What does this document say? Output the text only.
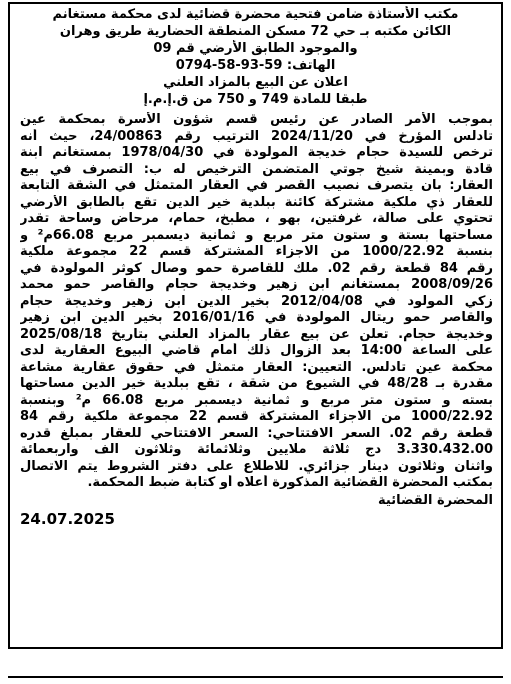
مكتب الأستاذة ضامن فتحية محضرة قضائية لدى محكمة مستغانم
الكائن مكتبه بـ حي 72 مسكن المنطقة الحضارية طريق وهران
والموجود الطابق الأرضي قم 09
الهاتف: 59-93-58-0794
اعلان عن البيع بالمزاد العلني
طبقا للمادة 749 و 750 من ق.إ.م.إ
بموجب الأمر الصادر عن رئيس قسم شؤون الأسرة بمحكمة عين
تادلس المؤرخ في 2024/11/20 الترتيب رقم 24/00863، حيث أنه
ترخص للسيدة حجام خديجة المولودة في 1978/04/30 بمستغانم ابنة
قادة وبمينة شيخ جوتي المتضمن الترخيص له ب: التصرف في بيع
العقار: بان يتصرف نصيب القصر في العقار المتمثل في الشقة التابعة
للعقار ذي ملكية مشتركة كائنة ببلدية خير الدين تقع بالطابق الأرضي
تحتوي على صالة، غرفتين، بهو ، مطبخ، حمام، مرحاض وساحة تقدر
مساحتها بستة و ستون متر مربع و ثمانية ديسمبر مربع 66.08م² و
بنسبة 1000/22.92 من الاجزاء المشتركة قسم 22 مجموعة ملكية
رقم 84 قطعة رقم 02. ملك للقاصرة حمو وصال كوثر المولودة في
2008/09/26 بمستغانم ابن زهير وخديجة حجام والقاصر حمو محمد
زكي المولود في 2012/04/08 بخير الدين ابن زهير وخديجة حجام
والقاصر حمو ريتال المولودة في 2016/01/16 بخير الدين ابن زهير
وخديجة حجام. تعلن عن بيع عقار بالمزاد العلني بتاريخ 2025/08/18
على الساعة 14:00 بعد الزوال ذلك أمام قاضي البيوع العقارية لدى
محكمة عين تادلس. التعيين: العقار متمثل في حقوق عقارية مشاعة
مقدرة بـ 48/28 في الشيوع من شقة ، تقع ببلدية خير الدين مساحتها
بسته و ستون متر مربع و ثمانية ديسمبر مربع 66.08 م² وبنسبة
1000/22.92 من الاجزاء المشتركة قسم 22 مجموعة ملكية رقم 84
قطعة رقم 02. السعر الافتتاحي: السعر الافتتاحي للعقار بمبلغ قدره
3.330.432.00 دج ثلاثة ملايين وثلاثمائة وثلاثون الف واربعمائة
واثنان وثلاثون دينار جزائري. للاطلاع على دفتر الشروط يتم الاتصال
بمكتب المحضرة القضائية المذكورة أعلاه أو كتابة ضبط المحكمة.
المحضرة القضائية
24.07.2025
